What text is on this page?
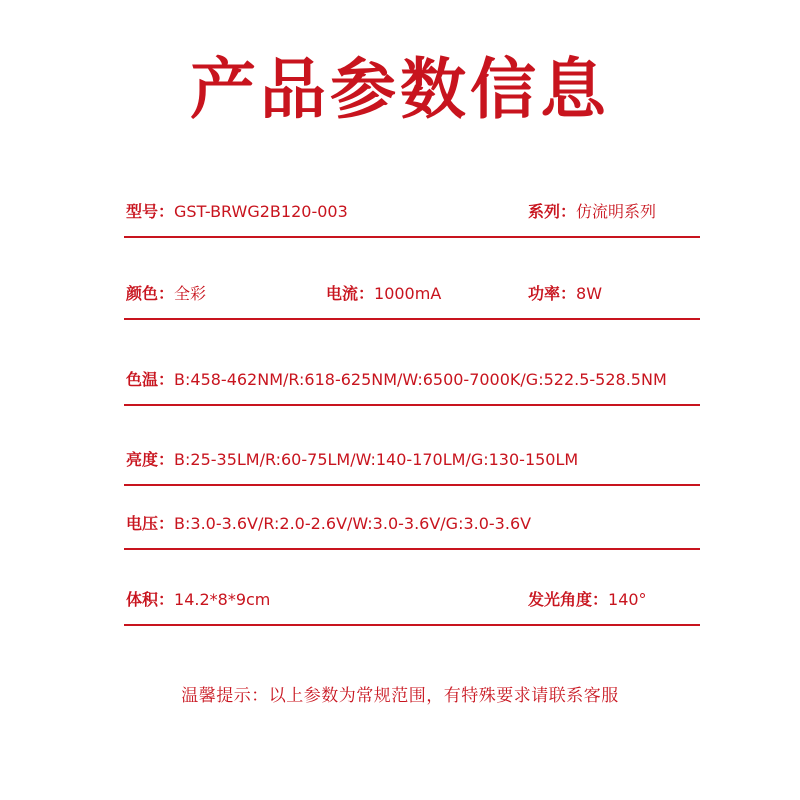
产品参数信息
型号：GST-BRWG2B120-003	系列：仿流明系列
颜色：全彩	电流：1000mA	功率：8W
色温：B:458-462NM/R:618-625NM/W:6500-7000K/G:522.5-528.5NM
亮度：B:25-35LM/R:60-75LM/W:140-170LM/G:130-150LM
电压：B:3.0-3.6V/R:2.0-2.6V/W:3.0-3.6V/G:3.0-3.6V
体积：14.2*8*9cm	发光角度：140°
温馨提示：以上参数为常规范围，有特殊要求请联系客服
